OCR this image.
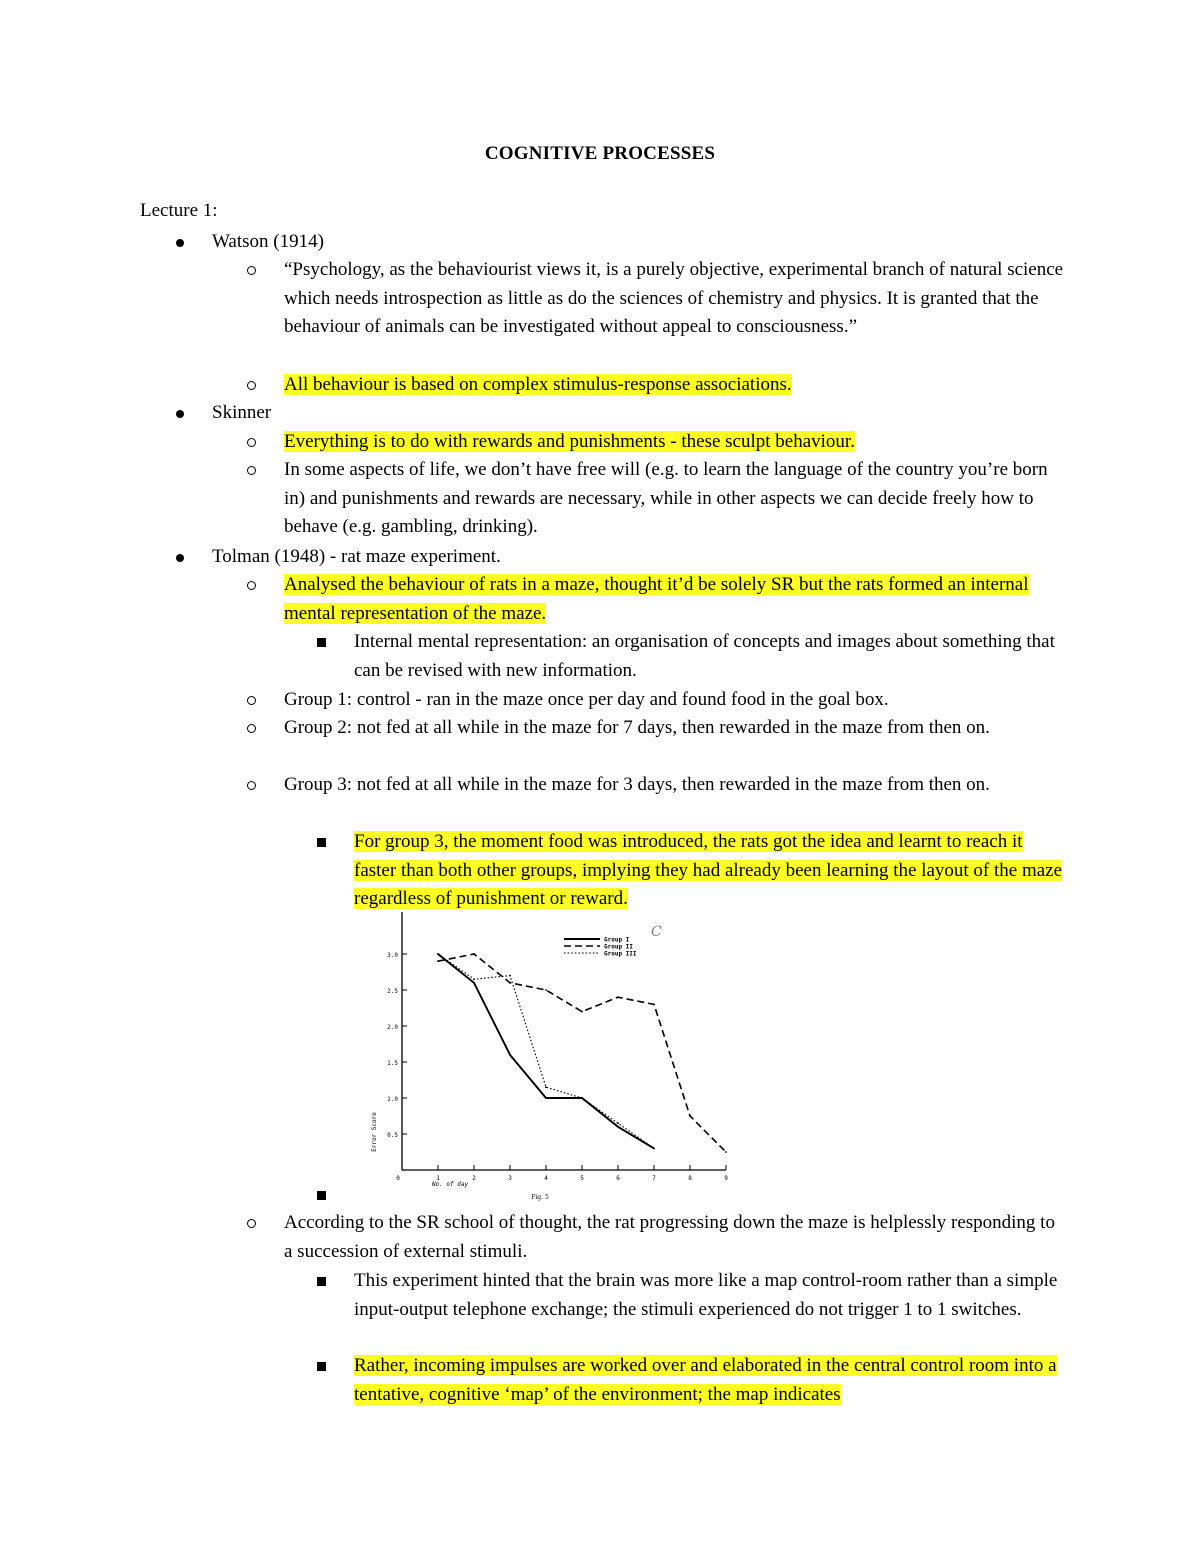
COGNITIVE PROCESSES
Lecture 1:
Watson (1914)
“Psychology, as the behaviourist views it, is a purely objective, experimental branch of natural science which needs introspection as little as do the sciences of chemistry and physics. It is granted that the behaviour of animals can be investigated without appeal to consciousness.”
All behaviour is based on complex stimulus-response associations.
Skinner
Everything is to do with rewards and punishments - these sculpt behaviour.
In some aspects of life, we don’t have free will (e.g. to learn the language of the country you’re born in) and punishments and rewards are necessary, while in other aspects we can decide freely how to behave (e.g. gambling, drinking).
Tolman (1948) - rat maze experiment.
Analysed the behaviour of rats in a maze, thought it’d be solely SR but the rats formed an internal mental representation of the maze.
Internal mental representation: an organisation of concepts and images about something that can be revised with new information.
Group 1: control - ran in the maze once per day and found food in the goal box.
Group 2: not fed at all while in the maze for 7 days, then rewarded in the maze from then on.
Group 3: not fed at all while in the maze for 3 days, then rewarded in the maze from then on.
For group 3, the moment food was introduced, the rats got the idea and learnt to reach it faster than both other groups, implying they had already been learning the layout of the maze regardless of punishment or reward.
0.5
1.0
1.5
2.0
2.5
3.0
1	2	3	4	5	6	7	8	9
0
No. of day
Error Score
Fig. 5
C
Group I
Group II
Group III
According to the SR school of thought, the rat progressing down the maze is helplessly responding to a succession of external stimuli.
This experiment hinted that the brain was more like a map control-room rather than a simple input-output telephone exchange; the stimuli experienced do not trigger 1 to 1 switches.
Rather, incoming impulses are worked over and elaborated in the central control room into a tentative, cognitive ‘map’ of the environment; the map indicates
